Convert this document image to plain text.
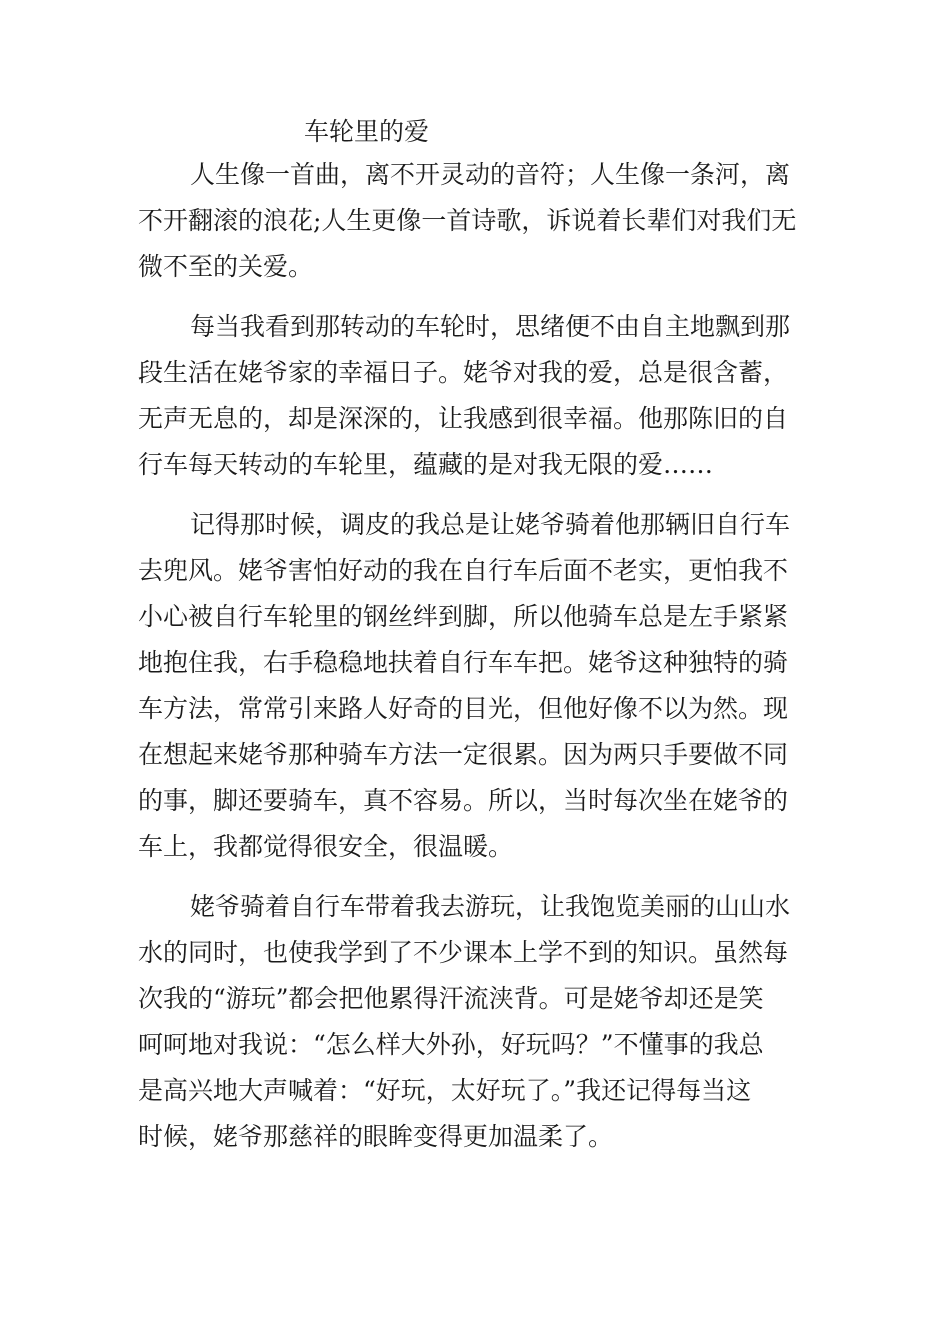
车轮里的爱
人生像一首曲，离不开灵动的音符；人生像一条河，离
不开翻滚的浪花;人生更像一首诗歌，诉说着长辈们对我们无
微不至的关爱。
每当我看到那转动的车轮时，思绪便不由自主地飘到那
段生活在姥爷家的幸福日子。姥爷对我的爱，总是很含蓄，
无声无息的，却是深深的，让我感到很幸福。他那陈旧的自
行车每天转动的车轮里，蕴藏的是对我无限的爱……
记得那时候，调皮的我总是让姥爷骑着他那辆旧自行车
去兜风。姥爷害怕好动的我在自行车后面不老实，更怕我不
小心被自行车轮里的钢丝绊到脚，所以他骑车总是左手紧紧
地抱住我，右手稳稳地扶着自行车车把。姥爷这种独特的骑
车方法，常常引来路人好奇的目光，但他好像不以为然。现
在想起来姥爷那种骑车方法一定很累。因为两只手要做不同
的事，脚还要骑车，真不容易。所以，当时每次坐在姥爷的
车上，我都觉得很安全，很温暖。
姥爷骑着自行车带着我去游玩，让我饱览美丽的山山水
水的同时，也使我学到了不少课本上学不到的知识。虽然每
次我的“游玩”都会把他累得汗流浃背。可是姥爷却还是笑
呵呵地对我说：“怎么样大外孙，好玩吗？”不懂事的我总
是高兴地大声喊着：“好玩，太好玩了。”我还记得每当这
时候，姥爷那慈祥的眼眸变得更加温柔了。
